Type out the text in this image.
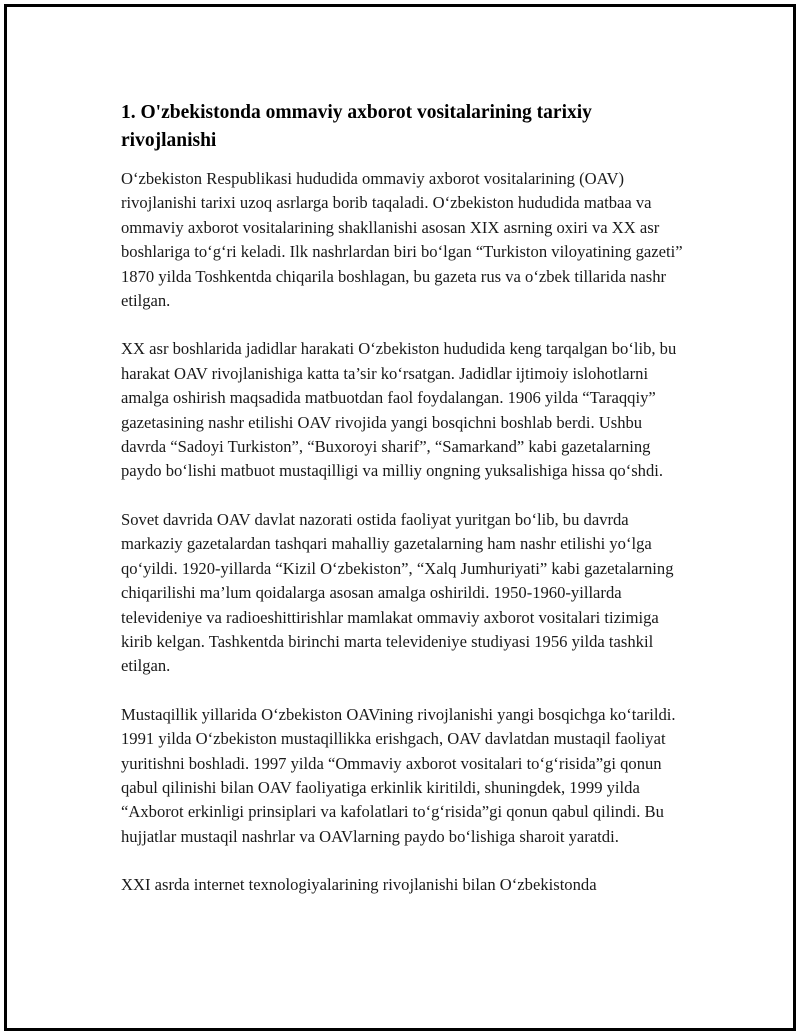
1. O'zbekistonda ommaviy axborot vositalarining tarixiy rivojlanishi

O‘zbekiston Respublikasi hududida ommaviy axborot vositalarining (OAV) rivojlanishi tarixi uzoq asrlarga borib taqaladi. O‘zbekiston hududida matbaa va ommaviy axborot vositalarining shakllanishi asosan XIX asrning oxiri va XX asr boshlariga to‘g‘ri keladi. Ilk nashrlardan biri bo‘lgan “Turkiston viloyatining gazeti” 1870 yilda Toshkentda chiqarila boshlagan, bu gazeta rus va o‘zbek tillarida nashr etilgan.

XX asr boshlarida jadidlar harakati O‘zbekiston hududida keng tarqalgan bo‘lib, bu harakat OAV rivojlanishiga katta ta’sir ko‘rsatgan. Jadidlar ijtimoiy islohotlarni amalga oshirish maqsadida matbuotdan faol foydalangan. 1906 yilda “Taraqqiy” gazetasining nashr etilishi OAV rivojida yangi bosqichni boshlab berdi. Ushbu davrda “Sadoyi Turkiston”, “Buxoroyi sharif”, “Samarkand” kabi gazetalarning paydo bo‘lishi matbuot mustaqilligi va milliy ongning yuksalishiga hissa qo‘shdi.

Sovet davrida OAV davlat nazorati ostida faoliyat yuritgan bo‘lib, bu davrda markaziy gazetalardan tashqari mahalliy gazetalarning ham nashr etilishi yo‘lga qo‘yildi. 1920-yillarda “Kizil O‘zbekiston”, “Xalq Jumhuriyati” kabi gazetalarning chiqarilishi ma’lum qoidalarga asosan amalga oshirildi. 1950-1960-yillarda televideniye va radioeshittirishlar mamlakat ommaviy axborot vositalari tizimiga kirib kelgan. Tashkentda birinchi marta televideniye studiyasi 1956 yilda tashkil etilgan.

Mustaqillik yillarida O‘zbekiston OAVining rivojlanishi yangi bosqichga ko‘tarildi. 1991 yilda O‘zbekiston mustaqillikka erishgach, OAV davlatdan mustaqil faoliyat yuritishni boshladi. 1997 yilda “Ommaviy axborot vositalari to‘g‘risida”gi qonun qabul qilinishi bilan OAV faoliyatiga erkinlik kiritildi, shuningdek, 1999 yilda “Axborot erkinligi prinsiplari va kafolatlari to‘g‘risida”gi qonun qabul qilindi. Bu hujjatlar mustaqil nashrlar va OAVlarning paydo bo‘lishiga sharoit yaratdi.

XXI asrda internet texnologiyalarining rivojlanishi bilan O‘zbekistonda
